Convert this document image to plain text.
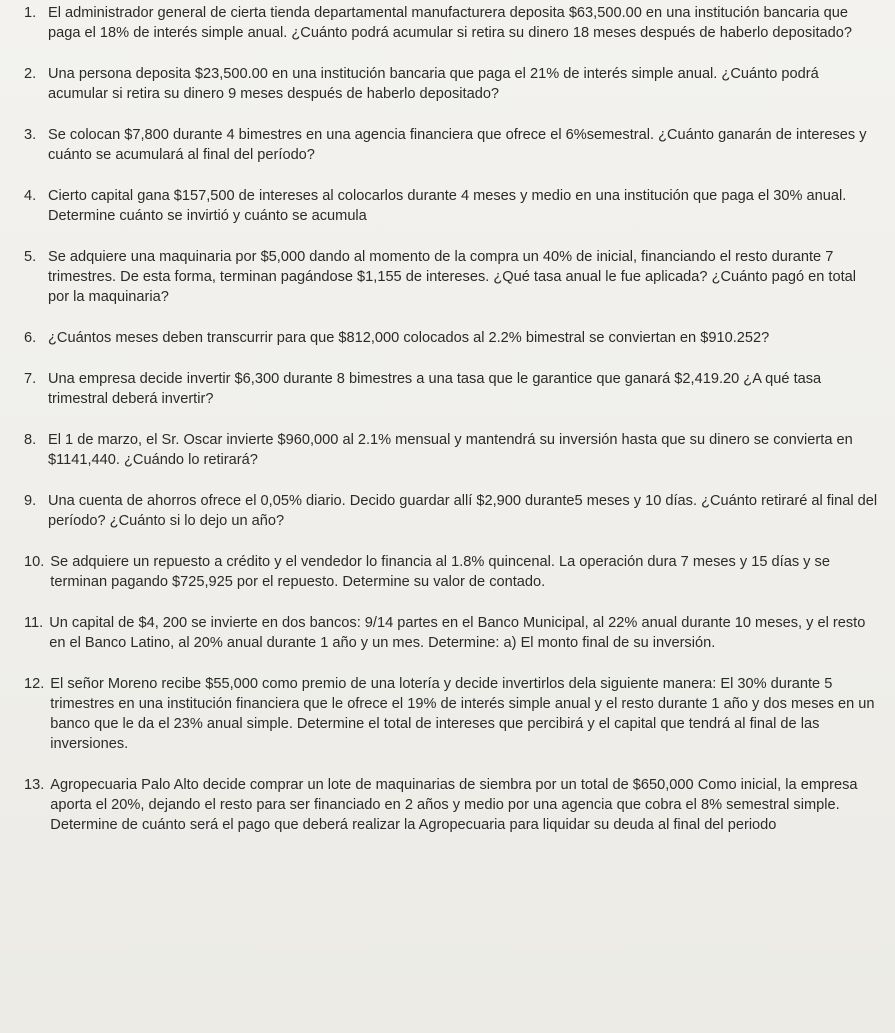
1. El administrador general de cierta tienda departamental manufacturera deposita $63,500.00 en una institución bancaria que paga el 18% de interés simple anual. ¿Cuánto podrá acumular si retira su dinero 18 meses después de haberlo depositado?

2. Una persona deposita $23,500.00 en una institución bancaria que paga el 21% de interés simple anual. ¿Cuánto podrá acumular si retira su dinero 9 meses después de haberlo depositado?

3. Se colocan $7,800 durante 4 bimestres en una agencia financiera que ofrece el 6%semestral. ¿Cuánto ganarán de intereses y cuánto se acumulará al final del período?

4. Cierto capital gana $157,500 de intereses al colocarlos durante 4 meses y medio en una institución que paga el 30% anual. Determine cuánto se invirtió y cuánto se acumula

5. Se adquiere una maquinaria por $5,000 dando al momento de la compra un 40% de inicial, financiando el resto durante 7 trimestres. De esta forma, terminan pagándose $1,155 de intereses. ¿Qué tasa anual le fue aplicada? ¿Cuánto pagó en total por la maquinaria?

6. ¿Cuántos meses deben transcurrir para que $812,000 colocados al 2.2% bimestral se conviertan en $910.252?

7. Una empresa decide invertir $6,300 durante 8 bimestres a una tasa que le garantice que ganará $2,419.20 ¿A qué tasa trimestral deberá invertir?

8. El 1 de marzo, el Sr. Oscar invierte $960,000 al 2.1% mensual y mantendrá su inversión hasta que su dinero se convierta en $1141,440. ¿Cuándo lo retirará?

9. Una cuenta de ahorros ofrece el 0,05% diario. Decido guardar allí $2,900 durante5 meses y 10 días. ¿Cuánto retiraré al final del período? ¿Cuánto si lo dejo un año?

10. Se adquiere un repuesto a crédito y el vendedor lo financia al 1.8% quincenal. La operación dura 7 meses y 15 días y se terminan pagando $725,925 por el repuesto. Determine su valor de contado.

11. Un capital de $4, 200 se invierte en dos bancos: 9/14 partes en el Banco Municipal, al 22% anual durante 10 meses, y el resto en el Banco Latino, al 20% anual durante 1 año y un mes. Determine: a) El monto final de su inversión.

12. El señor Moreno recibe $55,000 como premio de una lotería y decide invertirlos dela siguiente manera: El 30% durante 5 trimestres en una institución financiera que le ofrece el 19% de interés simple anual y el resto durante 1 año y dos meses en un banco que le da el 23% anual simple. Determine el total de intereses que percibirá y el capital que tendrá al final de las inversiones.

13. Agropecuaria Palo Alto decide comprar un lote de maquinarias de siembra por un total de $650,000 Como inicial, la empresa aporta el 20%, dejando el resto para ser financiado en 2 años y medio por una agencia que cobra el 8% semestral simple.

Determine de cuánto será el pago que deberá realizar la Agropecuaria para liquidar su deuda al final del periodo
